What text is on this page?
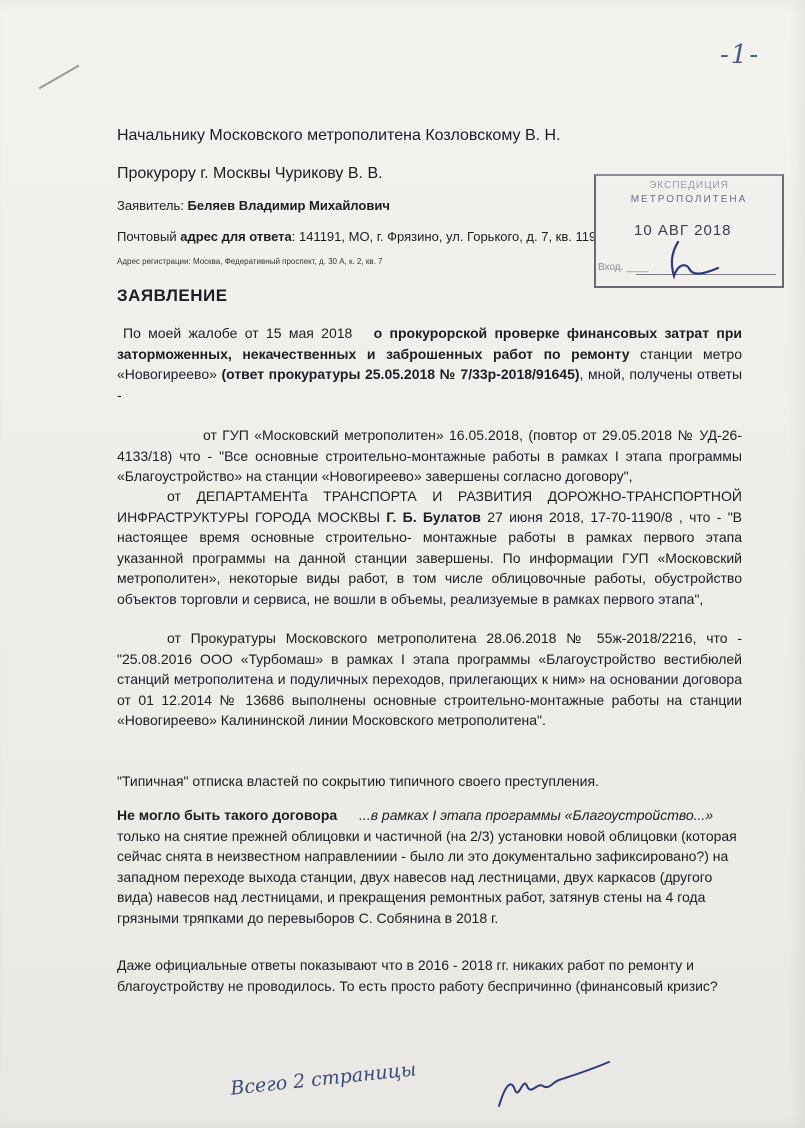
-1-
Начальнику Московского метрополитена Козловскому В. Н.
Прокурору г. Москвы Чурикову В. В.
Заявитель: Беляев Владимир Михайлович
Почтовый адрес для ответа: 141191, МО, г. Фрязино, ул. Горького, д. 7, кв. 119
Адрес регистрации: Москва, Федеративный проспект, д. 30 А, к. 2, кв. 7
ЭКСПЕДИЦИЯ
МЕТРОПОЛИТЕНА
10 АВГ 2018
Вход. ____
ЗАЯВЛЕНИЕ
По моей жалобе от 15 мая 2018 о прокурорской проверке финансовых затрат при заторможенных, некачественных и заброшенных работ по ремонту станции метро «Новогиреево» (ответ прокуратуры 25.05.2018 № 7/33р-2018/91645), мной, получены ответы -
от ГУП «Московский метрополитен» 16.05.2018, (повтор от 29.05.2018 № УД-26-4133/18) что - "Все основные строительно-монтажные работы в рамках I этапа программы «Благоустройство» на станции «Новогиреево» завершены согласно договору",
от ДЕПАРТАМЕНТа ТРАНСПОРТА И РАЗВИТИЯ ДОРОЖНО-ТРАНСПОРТНОЙ ИНФРАСТРУКТУРЫ ГОРОДА МОСКВЫ Г. Б. Булатов 27 июня 2018, 17-70-1190/8 , что - "В настоящее время основные строительно- монтажные работы в рамках первого этапа указанной программы на данной станции завершены. По информации ГУП «Московский метрополитен», некоторые виды работ, в том числе облицовочные работы, обустройство объектов торговли и сервиса, не вошли в объемы, реализуемые в рамках первого этапа",
от Прокуратуры Московского метрополитена 28.06.2018 № 55ж-2018/2216, что - "25.08.2016 ООО «Турбомаш» в рамках I этапа программы «Благоустройство вестибюлей станций метрополитена и подуличных переходов, прилегающих к ним» на основании договора от 01 12.2014 № 13686 выполнены основные строительно-монтажные работы на станции «Новогиреево» Калининской линии Московского метрополитена".
"Типичная" отписка властей по сокрытию типичного своего преступления.
Не могло быть такого договора ...в рамках I этапа программы «Благоустройство...» только на снятие прежней облицовки и частичной (на 2/3) установки новой облицовки (которая сейчас снята в неизвестном направлениии - было ли это документально зафиксировано?) на западном переходе выхода станции, двух навесов над лестницами, двух каркасов (другого вида) навесов над лестницами, и прекращения ремонтных работ, затянув стены на 4 года грязными тряпками до перевыборов С. Собянина в 2018 г.
Даже официальные ответы показывают что в 2016 - 2018 гг. никаких работ по ремонту и благоустройству не проводилось. То есть просто работу беспричинно (финансовый кризис?
Всего 2 страницы
